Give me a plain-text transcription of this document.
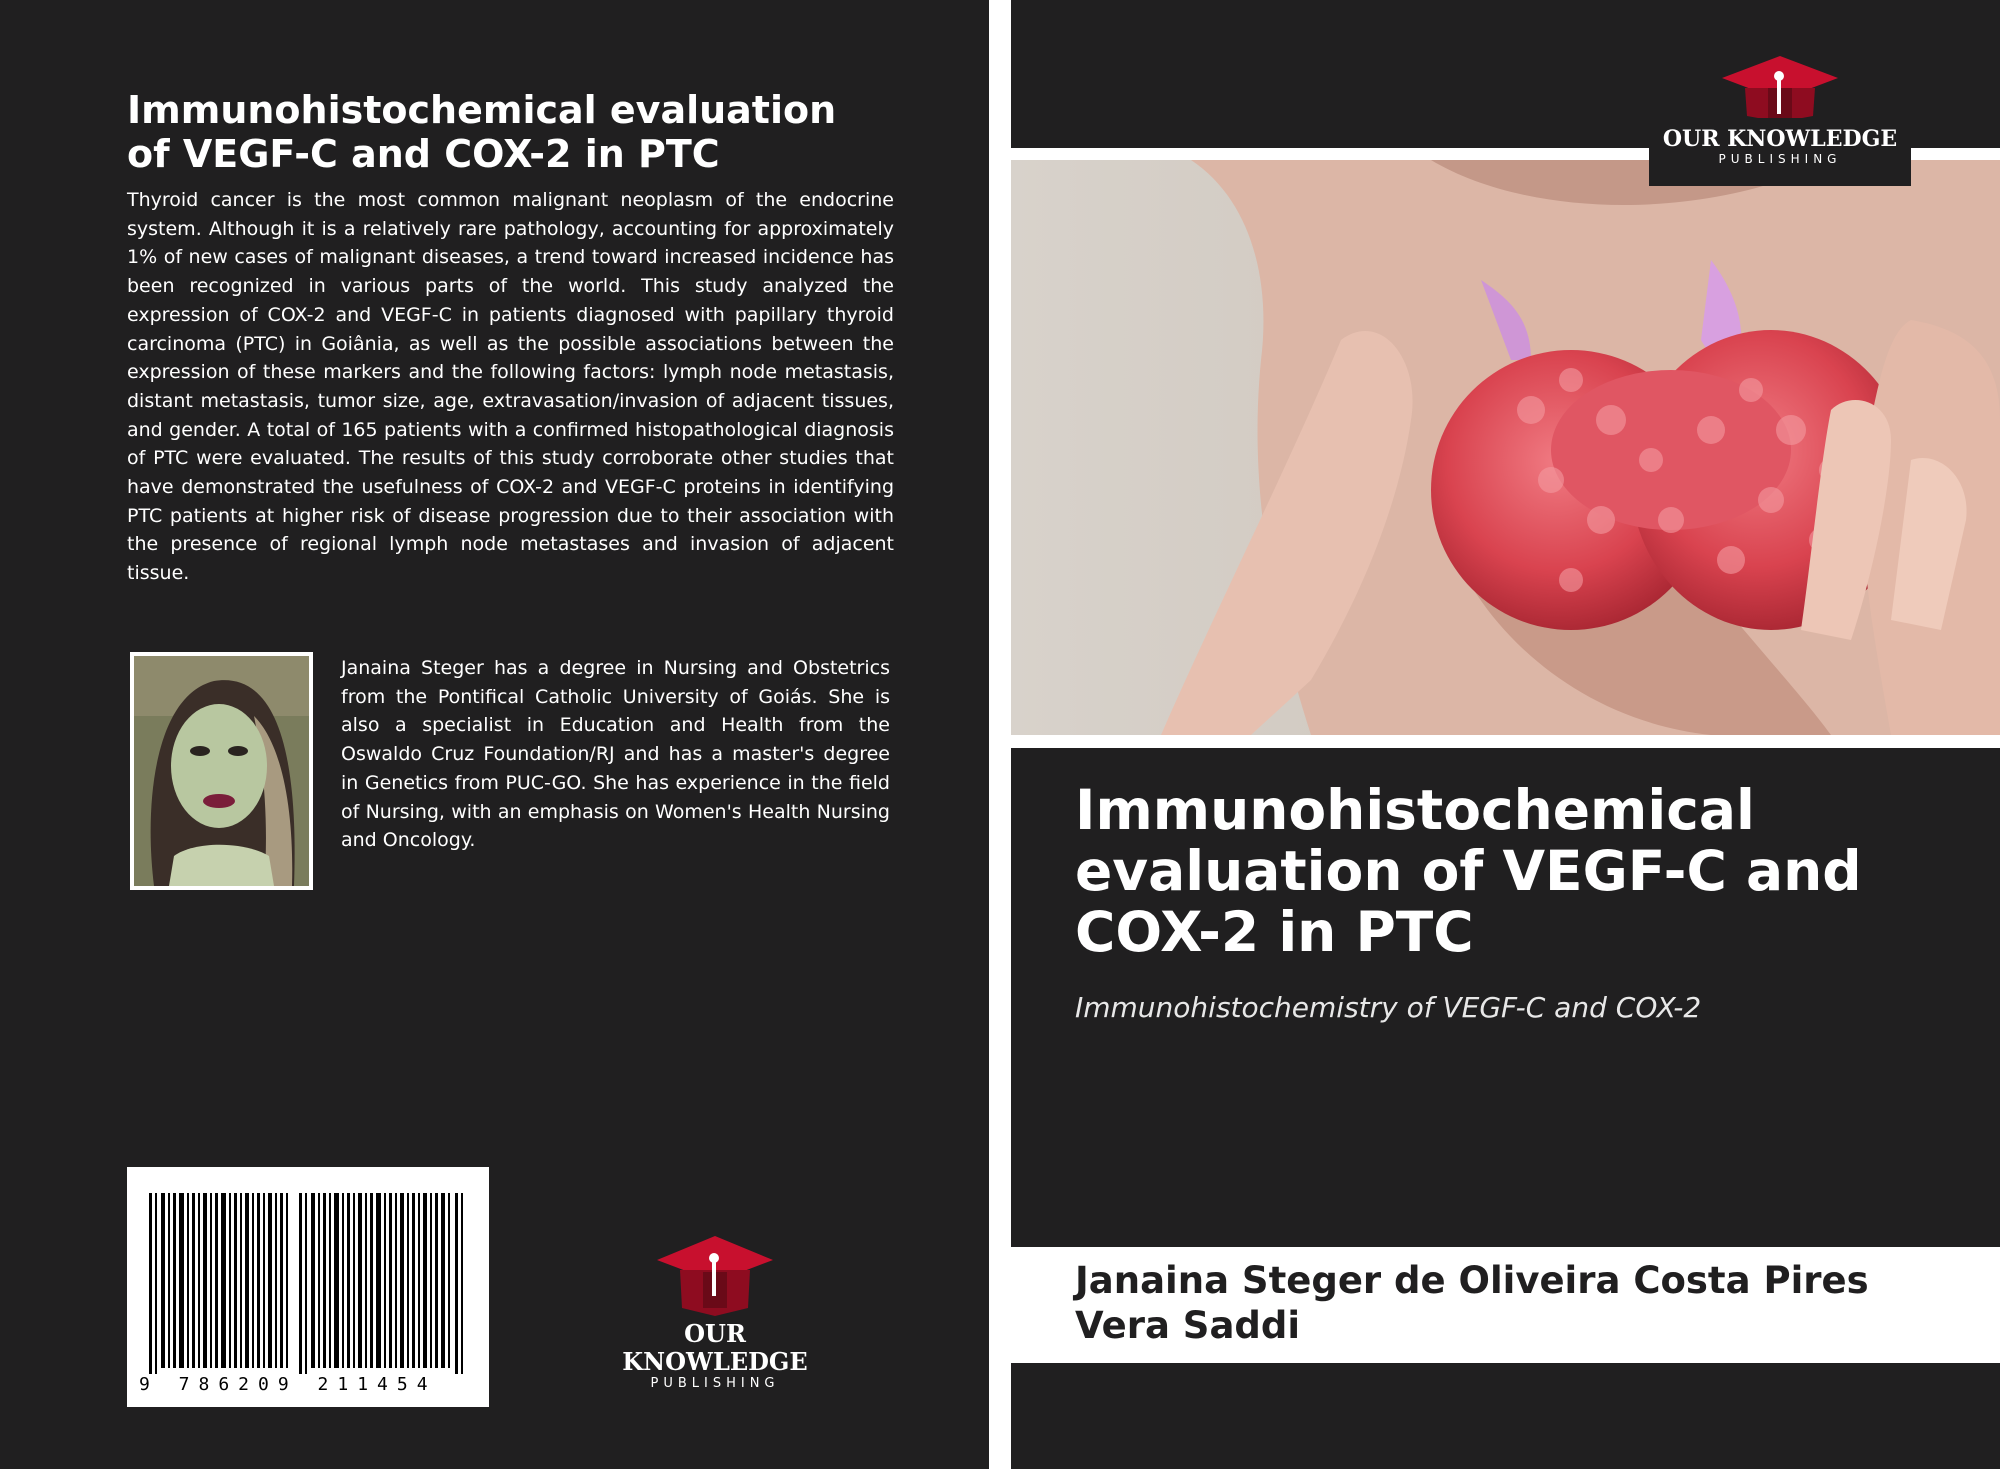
Immunohistochemical evaluation
of VEGF-C and COX-2 in PTC
Thyroid cancer is the most common malignant neoplasm of the endocrine system. Although it is a relatively rare pathology, accounting for approximately 1% of new cases of malignant diseases, a trend toward increased incidence has been recognized in various parts of the world. This study analyzed the expression of COX-2 and VEGF-C in patients diagnosed with papillary thyroid carcinoma (PTC) in Goiânia, as well as the possible associations between the expression of these markers and the following factors: lymph node metastasis, distant metastasis, tumor size, age, extravasation/invasion of adjacent tissues, and gender. A total of 165 patients with a confirmed histopathological diagnosis of PTC were evaluated. The results of this study corroborate other studies that have demonstrated the usefulness of COX-2 and VEGF-C proteins in identifying PTC patients at higher risk of disease progression due to their association with the presence of regional lymph node metastases and invasion of adjacent tissue.
Janaina Steger has a degree in Nursing and Obstetrics from the Pontifical Catholic University of Goiás. She is also a specialist in Education and Health from the Oswaldo Cruz Foundation/RJ and has a master's degree in Genetics from PUC-GO. She has experience in the field of Nursing, with an emphasis on Women's Health Nursing and Oncology.
9 786209 211454
OUR KNOWLEDGE
PUBLISHING
OUR KNOWLEDGE
PUBLISHING
Immunohistochemical
evaluation of VEGF-C and
COX-2 in PTC
Immunohistochemistry of VEGF-C and COX-2
Janaina Steger de Oliveira Costa Pires
Vera Saddi
